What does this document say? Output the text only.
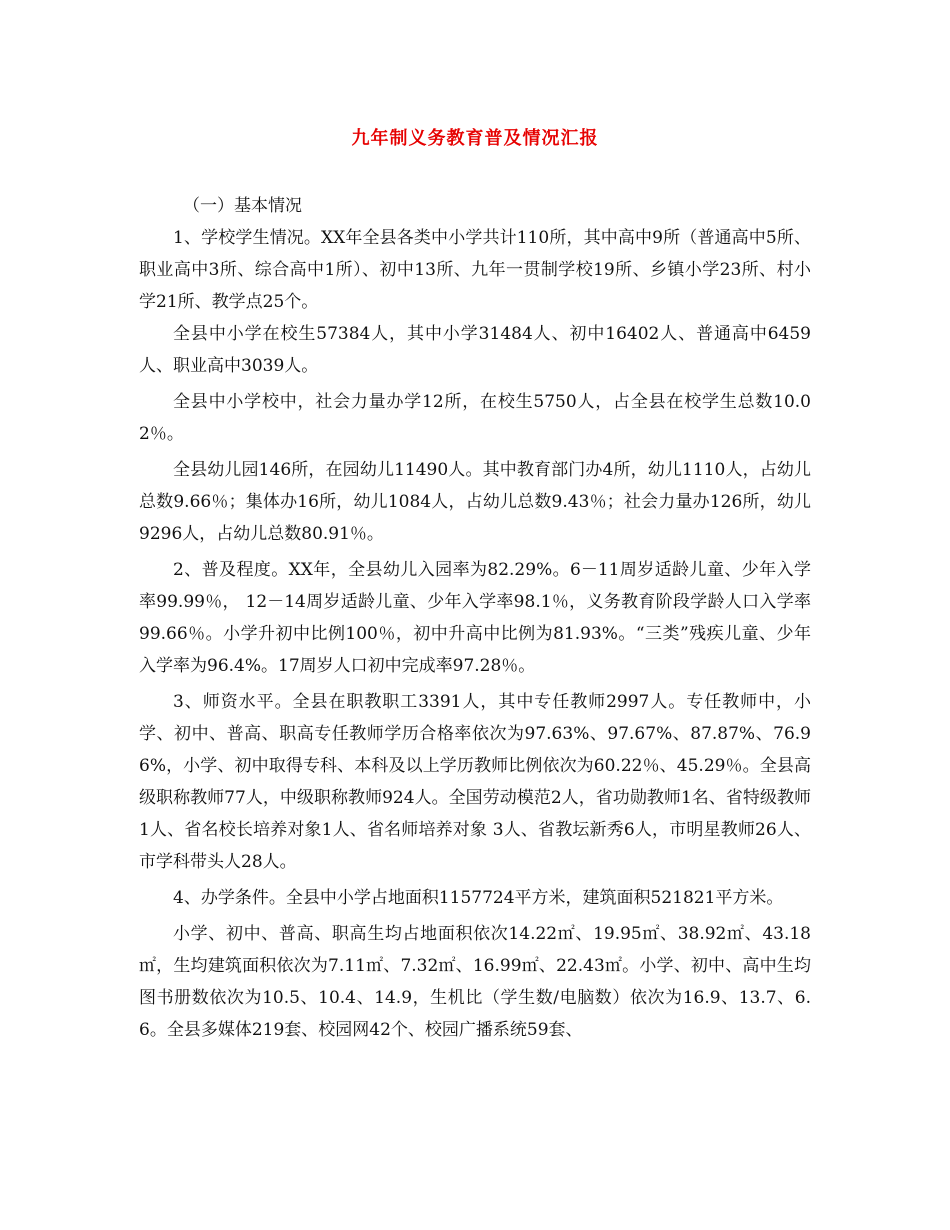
九年制义务教育普及情况汇报

（一）基本情况

1、学校学生情况。XX年全县各类中小学共计110所，其中高中9所（普通高中5所、职业高中3所、综合高中1所）、初中13所、九年一贯制学校19所、乡镇小学23所、村小学21所、教学点25个。

全县中小学在校生57384人，其中小学31484人、初中16402人、普通高中6459人、职业高中3039人。

全县中小学校中，社会力量办学12所，在校生5750人，占全县在校学生总数10.02％。

全县幼儿园146所，在园幼儿11490人。其中教育部门办4所，幼儿1110人，占幼儿总数9.66％；集体办16所，幼儿1084人，占幼儿总数9.43％；社会力量办126所，幼儿9296人，占幼儿总数80.91％。

2、普及程度。XX年，全县幼儿入园率为82.29%。6－11周岁适龄儿童、少年入学率99.99％， 12－14周岁适龄儿童、少年入学率98.1％，义务教育阶段学龄人口入学率99.66％。小学升初中比例100％，初中升高中比例为81.93%。“三类”残疾儿童、少年入学率为96.4%。17周岁人口初中完成率97.28％。

3、师资水平。全县在职教职工3391人，其中专任教师2997人。专任教师中，小学、初中、普高、职高专任教师学历合格率依次为97.63%、97.67%、87.87%、76.96%，小学、初中取得专科、本科及以上学历教师比例依次为60.22％、45.29％。全县高级职称教师77人，中级职称教师924人。全国劳动模范2人，省功勋教师1名、省特级教师1人、省名校长培养对象1人、省名师培养对象 3人、省教坛新秀6人，市明星教师26人、市学科带头人28人。

4、办学条件。全县中小学占地面积1157724平方米，建筑面积521821平方米。

小学、初中、普高、职高生均占地面积依次14.22㎡、19.95㎡、38.92㎡、43.18㎡，生均建筑面积依次为7.11㎡、7.32㎡、16.99㎡、22.43㎡。小学、初中、高中生均图书册数依次为10.5、10.4、14.9，生机比（学生数/电脑数）依次为16.9、13.7、6.6。全县多媒体219套、校园网42个、校园广播系统59套、
